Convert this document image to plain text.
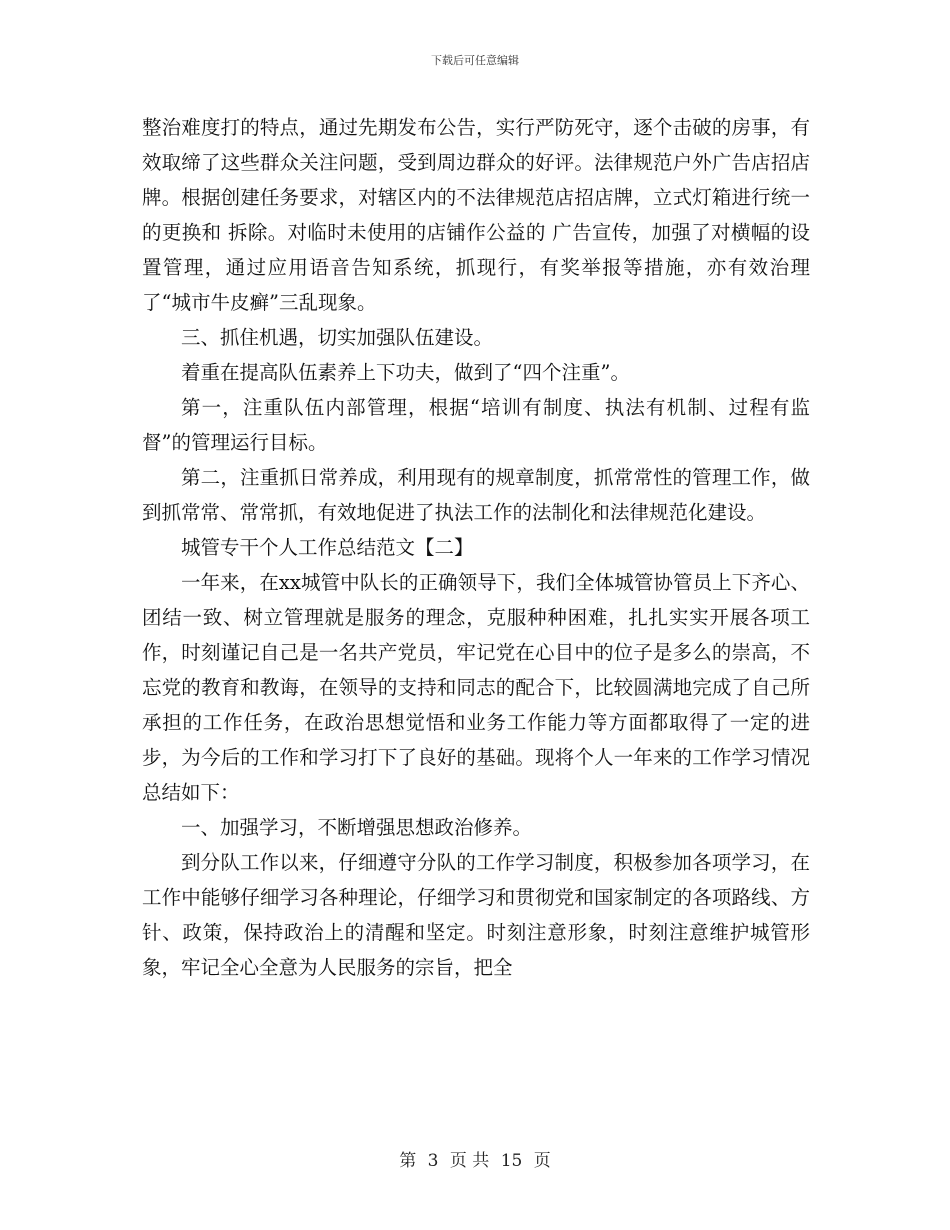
下载后可任意编辑

整治难度打的特点，通过先期发布公告，实行严防死守，逐个击破的房事，有效取缔了这些群众关注问题，受到周边群众的好评。法律规范户外广告店招店牌。根据创建任务要求，对辖区内的不法律规范店招店牌，立式灯箱进行统一的更换和 拆除。对临时未使用的店铺作公益的 广告宣传，加强了对横幅的设置管理，通过应用语音告知系统，抓现行，有奖举报等措施，亦有效治理了“城市牛皮癣”三乱现象。

三、抓住机遇，切实加强队伍建设。

着重在提高队伍素养上下功夫，做到了“四个注重”。

第一，注重队伍内部管理，根据“培训有制度、执法有机制、过程有监督”的管理运行目标。

第二，注重抓日常养成，利用现有的规章制度，抓常常性的管理工作，做到抓常常、常常抓，有效地促进了执法工作的法制化和法律规范化建设。

城管专干个人工作总结范文【二】

一年来，在xx城管中队长的正确领导下，我们全体城管协管员上下齐心、团结一致、树立管理就是服务的理念，克服种种困难，扎扎实实开展各项工作，时刻谨记自己是一名共产党员，牢记党在心目中的位子是多么的崇高，不忘党的教育和教诲，在领导的支持和同志的配合下，比较圆满地完成了自己所承担的工作任务，在政治思想觉悟和业务工作能力等方面都取得了一定的进步，为今后的工作和学习打下了良好的基础。现将个人一年来的工作学习情况总结如下：

一、加强学习，不断增强思想政治修养。

到分队工作以来，仔细遵守分队的工作学习制度，积极参加各项学习，在工作中能够仔细学习各种理论，仔细学习和贯彻党和国家制定的各项路线、方针、政策，保持政治上的清醒和坚定。时刻注意形象，时刻注意维护城管形象，牢记全心全意为人民服务的宗旨，把全

第 3 页 共 15 页
